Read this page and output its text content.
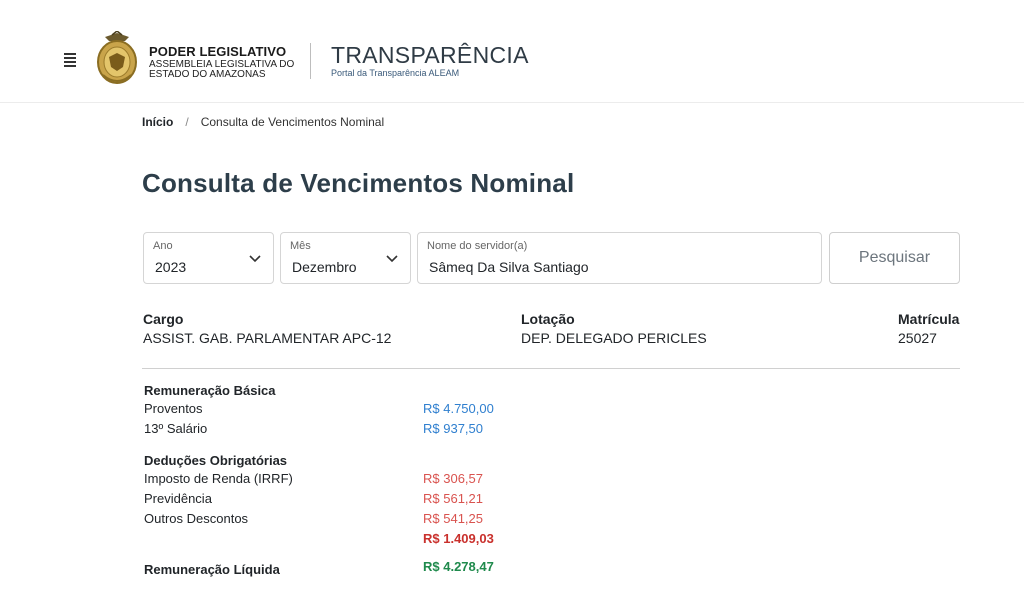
PODER LEGISLATIVO
ASSEMBLEIA LEGISLATIVA DO
ESTADO DO AMAZONAS
TRANSPARÊNCIA
Portal da Transparência ALEAM
Início / Consulta de Vencimentos Nominal
Consulta de Vencimentos Nominal
Ano
2023
Mês
Dezembro
Nome do servidor(a)
Sâmeq Da Silva Santiago
Pesquisar
Cargo
ASSIST. GAB. PARLAMENTAR APC-12
Lotação
DEP. DELEGADO PERICLES
Matrícula
25027
Remuneração Básica
Proventos	R$ 4.750,00
13º Salário	R$ 937,50
Deduções Obrigatórias
Imposto de Renda (IRRF)	R$ 306,57
Previdência	R$ 561,21
Outros Descontos	R$ 541,25
R$ 1.409,03
Remuneração Líquida	R$ 4.278,47
